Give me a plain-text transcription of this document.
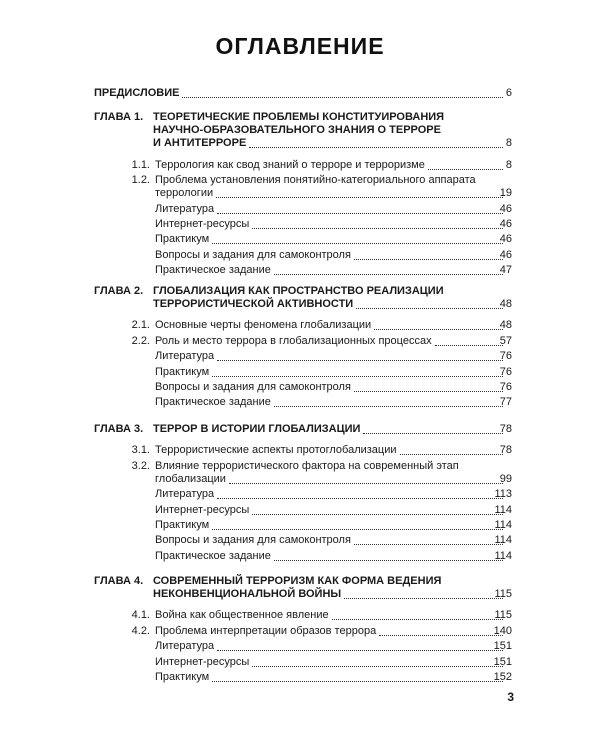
ОГЛАВЛЕНИЕ
ПРЕДИСЛОВИЕ	6
ГЛАВА 1. ТЕОРЕТИЧЕСКИЕ ПРОБЛЕМЫ КОНСТИТУИРОВАНИЯ
НАУЧНО-ОБРАЗОВАТЕЛЬНОГО ЗНАНИЯ О ТЕРРОРЕ
И АНТИТЕРРОРЕ	8
1.1. Террология как свод знаний о терроре и терроризме	8
1.2. Проблема установления понятийно-категориального аппарата
террологии	19
Литература	46
Интернет-ресурсы	46
Практикум	46
Вопросы и задания для самоконтроля	46
Практическое задание	47
ГЛАВА 2. ГЛОБАЛИЗАЦИЯ КАК ПРОСТРАНСТВО РЕАЛИЗАЦИИ
ТЕРРОРИСТИЧЕСКОЙ АКТИВНОСТИ	48
2.1. Основные черты феномена глобализации	48
2.2. Роль и место террора в глобализационных процессах	57
Литература	76
Практикум	76
Вопросы и задания для самоконтроля	76
Практическое задание	77
ГЛАВА 3. ТЕРРОР В ИСТОРИИ ГЛОБАЛИЗАЦИИ	78
3.1. Террористические аспекты протоглобализации	78
3.2. Влияние террористического фактора на современный этап
глобализации	99
Литература	113
Интернет-ресурсы	114
Практикум	114
Вопросы и задания для самоконтроля	114
Практическое задание	114
ГЛАВА 4. СОВРЕМЕННЫЙ ТЕРРОРИЗМ КАК ФОРМА ВЕДЕНИЯ
НЕКОНВЕНЦИОНАЛЬНОЙ ВОЙНЫ	115
4.1. Война как общественное явление	115
4.2. Проблема интерпретации образов террора	140
Литература	151
Интернет-ресурсы	151
Практикум	152
3
